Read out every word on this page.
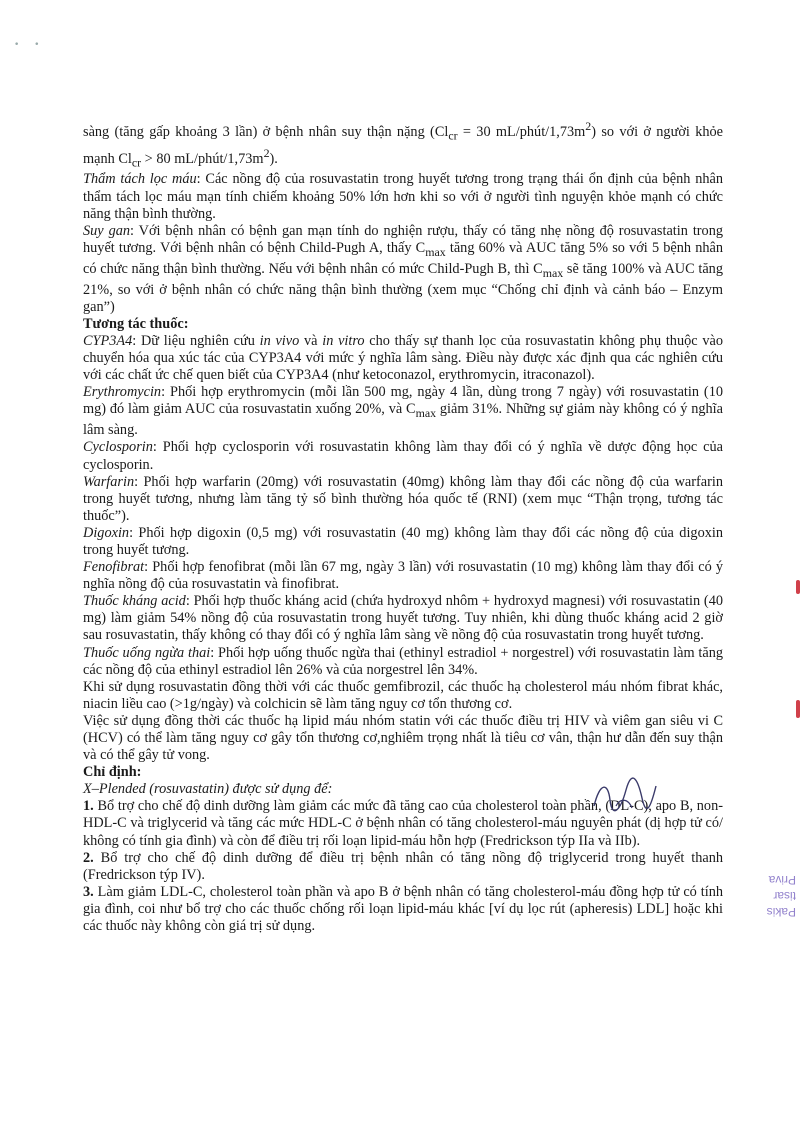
• •

sàng (tăng gấp khoảng 3 lần) ở bệnh nhân suy thận nặng ($Cl_{cr} = 30$ $mL/phút/1,73m^2$) so với ở người khỏe mạnh $Cl_{cr} > 80$ $mL/phút/1,73m^2$).

Thẩm tách lọc máu: Các nồng độ của rosuvastatin trong huyết tương trong trạng thái ổn định của bệnh nhân thẩm tách lọc máu mạn tính chiếm khoảng 50% lớn hơn khi so với ở người tình nguyện khỏe mạnh có chức năng thận bình thường.

Suy gan: Với bệnh nhân có bệnh gan mạn tính do nghiện rượu, thấy có tăng nhẹ nồng độ rosuvastatin trong huyết tương. Với bệnh nhân có bệnh Child-Pugh A, thấy $C_{max}$ tăng 60% và AUC tăng 5% so với 5 bệnh nhân có chức năng thận bình thường. Nếu với bệnh nhân có mức Child-Pugh B, thì $C_{max}$ sẽ tăng 100% và AUC tăng 21%, so với ở bệnh nhân có chức năng thận bình thường (xem mục “Chống chỉ định và cảnh báo – Enzym gan”)

Tương tác thuốc:

CYP3A4: Dữ liệu nghiên cứu in vivo và in vitro cho thấy sự thanh lọc của rosuvastatin không phụ thuộc vào chuyển hóa qua xúc tác của CYP3A4 với mức ý nghĩa lâm sàng. Điều này được xác định qua các nghiên cứu với các chất ức chế quen biết của CYP3A4 (như ketoconazol, erythromycin, itraconazol).

Erythromycin: Phối hợp erythromycin (mỗi lần 500 mg, ngày 4 lần, dùng trong 7 ngày) với rosuvastatin (10 mg) đó làm giảm AUC của rosuvastatin xuống 20%, và $C_{max}$ giảm 31%. Những sự giảm này không có ý nghĩa lâm sàng.

Cyclosporin: Phối hợp cyclosporin với rosuvastatin không làm thay đổi có ý nghĩa về dược động học của cyclosporin.

Warfarin: Phối hợp warfarin (20mg) với rosuvastatin (40mg) không làm thay đổi các nồng độ của warfarin trong huyết tương, nhưng làm tăng tỷ số bình thường hóa quốc tế (RNI) (xem mục “Thận trọng, tương tác thuốc”).

Digoxin: Phối hợp digoxin (0,5 mg) với rosuvastatin (40 mg) không làm thay đổi các nồng độ của digoxin trong huyết tương.

Fenofibrat: Phối hợp fenofibrat (mỗi lần 67 mg, ngày 3 lần) với rosuvastatin (10 mg) không làm thay đổi có ý nghĩa nồng độ của rosuvastatin và finofibrat.

Thuốc kháng acid: Phối hợp thuốc kháng acid (chứa hydroxyd nhôm + hydroxyd magnesi) với rosuvastatin (40 mg) làm giảm 54% nồng độ của rosuvastatin trong huyết tương. Tuy nhiên, khi dùng thuốc kháng acid 2 giờ sau rosuvastatin, thấy không có thay đổi có ý nghĩa lâm sàng về nồng độ của rosuvastatin trong huyết tương.

Thuốc uống ngừa thai: Phối hợp uống thuốc ngừa thai (ethinyl estradiol + norgestrel) với rosuvastatin làm tăng các nồng độ của ethinyl estradiol lên 26% và của norgestrel lên 34%.

Khi sử dụng rosuvastatin đồng thời với các thuốc gemfibrozil, các thuốc hạ cholesterol máu nhóm fibrat khác, niacin liều cao (>1g/ngày) và colchicin sẽ làm tăng nguy cơ tổn thương cơ.

Việc sử dụng đồng thời các thuốc hạ lipid máu nhóm statin với các thuốc điều trị HIV và viêm gan siêu vi C (HCV) có thể làm tăng nguy cơ gây tổn thương cơ,nghiêm trọng nhất là tiêu cơ vân, thận hư dẫn đến suy thận và có thể gây tử vong.

Chỉ định:

X–Plended (rosuvastatin) được sử dụng để:

1. Bổ trợ cho chế độ dinh dưỡng làm giảm các mức đã tăng cao của cholesterol toàn phần, (DL-C), apo B, non-HDL-C và triglycerid và tăng các mức HDL-C ở bệnh nhân có tăng cholesterol-máu nguyên phát (dị hợp tử có/ không có tính gia đình) và còn để điều trị rối loạn lipid-máu hỗn hợp (Fredrickson týp IIa và IIb).

2. Bổ trợ cho chế độ dinh dưỡng để điều trị bệnh nhân có tăng nồng độ triglycerid trong huyết thanh (Fredrickson týp IV).

3. Làm giảm LDL-C, cholesterol toàn phần và apo B ở bệnh nhân có tăng cholesterol-máu đồng hợp tử có tính gia đình, coi như bổ trợ cho các thuốc chống rối loạn lipid-máu khác [ví dụ lọc rút (apheresis) LDL] hoặc khi các thuốc này không còn giá trị sử dụng.

Pakis
tisar
Priva
